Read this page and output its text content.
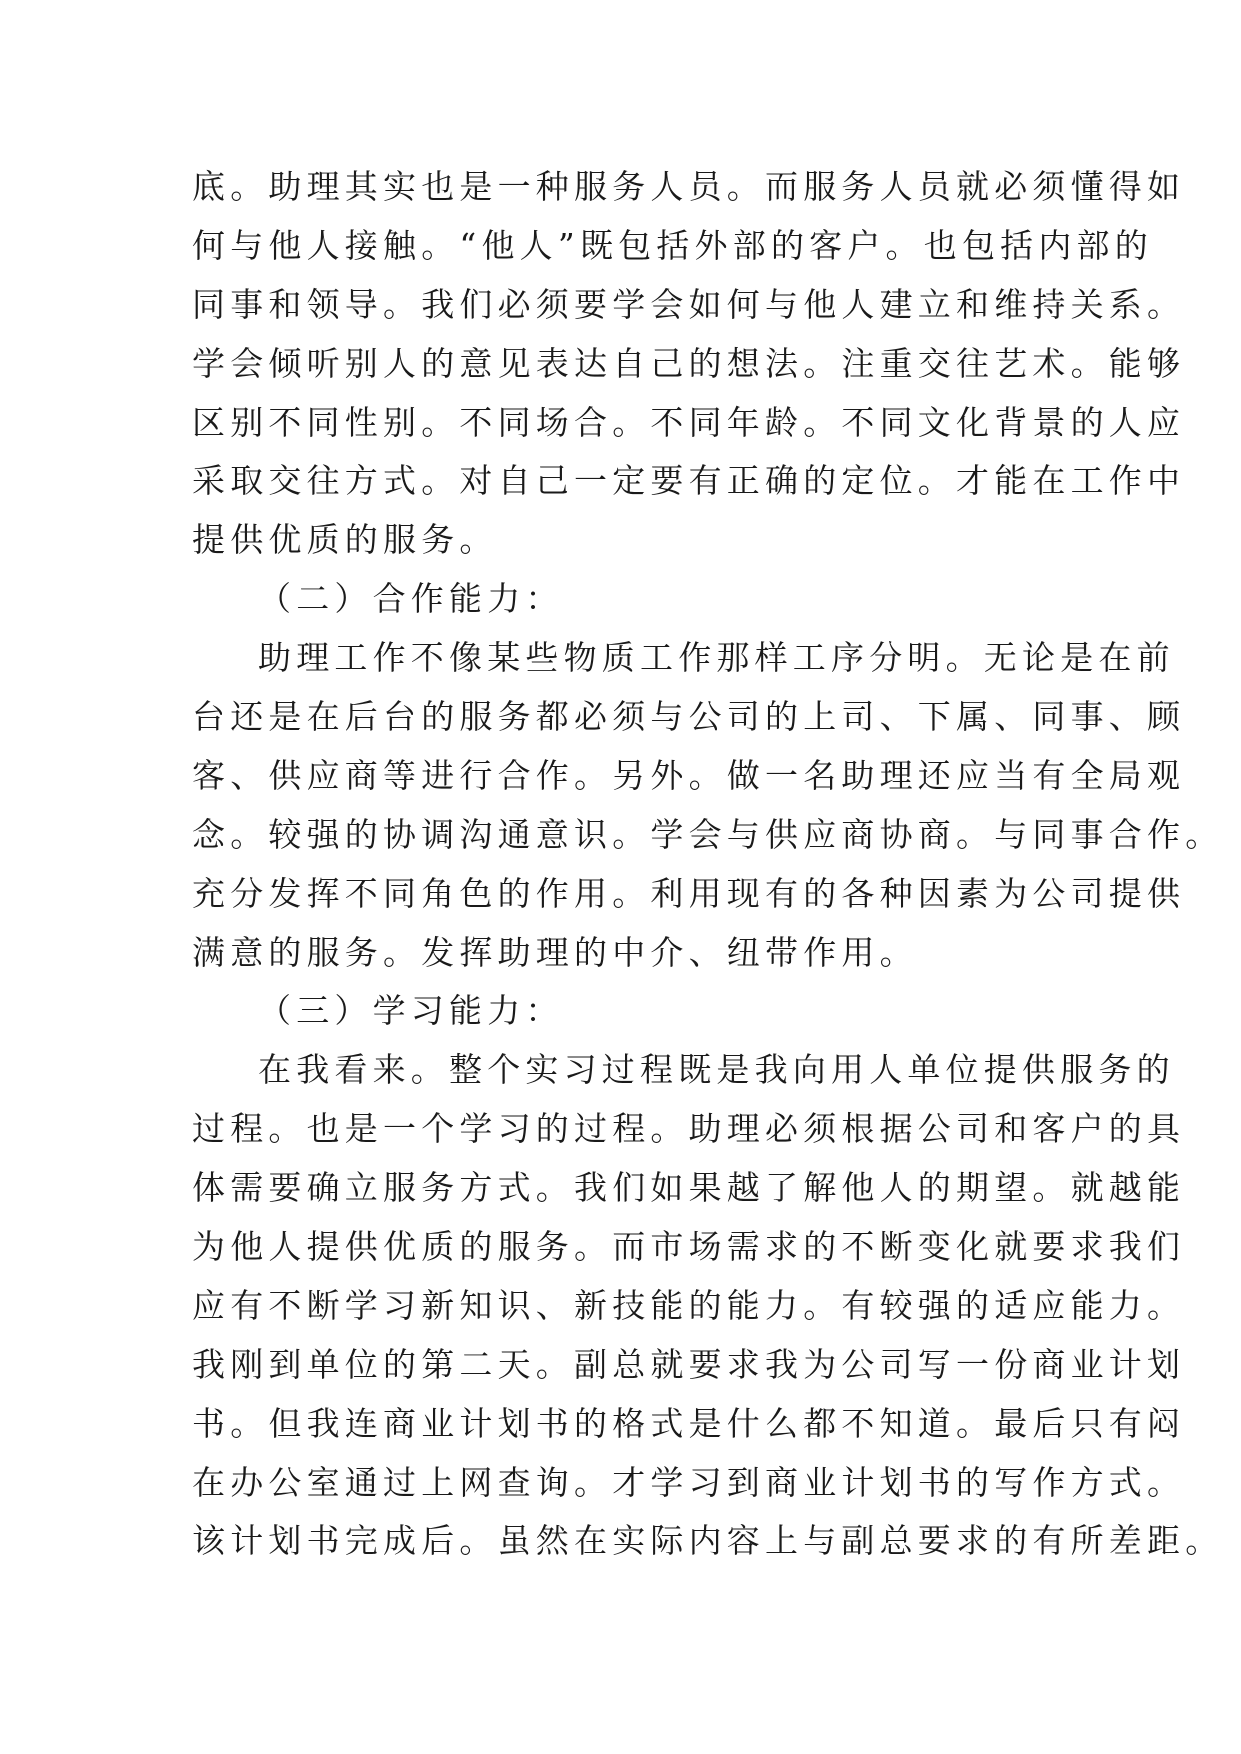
底。助理其实也是一种服务人员。而服务人员就必须懂得如
何与他人接触。“他人”既包括外部的客户。也包括内部的
同事和领导。我们必须要学会如何与他人建立和维持关系。
学会倾听别人的意见表达自己的想法。注重交往艺术。能够
区别不同性别。不同场合。不同年龄。不同文化背景的人应
采取交往方式。对自己一定要有正确的定位。才能在工作中
提供优质的服务。
（二）合作能力：
助理工作不像某些物质工作那样工序分明。无论是在前
台还是在后台的服务都必须与公司的上司、下属、同事、顾
客、供应商等进行合作。另外。做一名助理还应当有全局观
念。较强的协调沟通意识。学会与供应商协商。与同事合作。
充分发挥不同角色的作用。利用现有的各种因素为公司提供
满意的服务。发挥助理的中介、纽带作用。
（三）学习能力：
在我看来。整个实习过程既是我向用人单位提供服务的
过程。也是一个学习的过程。助理必须根据公司和客户的具
体需要确立服务方式。我们如果越了解他人的期望。就越能
为他人提供优质的服务。而市场需求的不断变化就要求我们
应有不断学习新知识、新技能的能力。有较强的适应能力。
我刚到单位的第二天。副总就要求我为公司写一份商业计划
书。但我连商业计划书的格式是什么都不知道。最后只有闷
在办公室通过上网查询。才学习到商业计划书的写作方式。
该计划书完成后。虽然在实际内容上与副总要求的有所差距。
